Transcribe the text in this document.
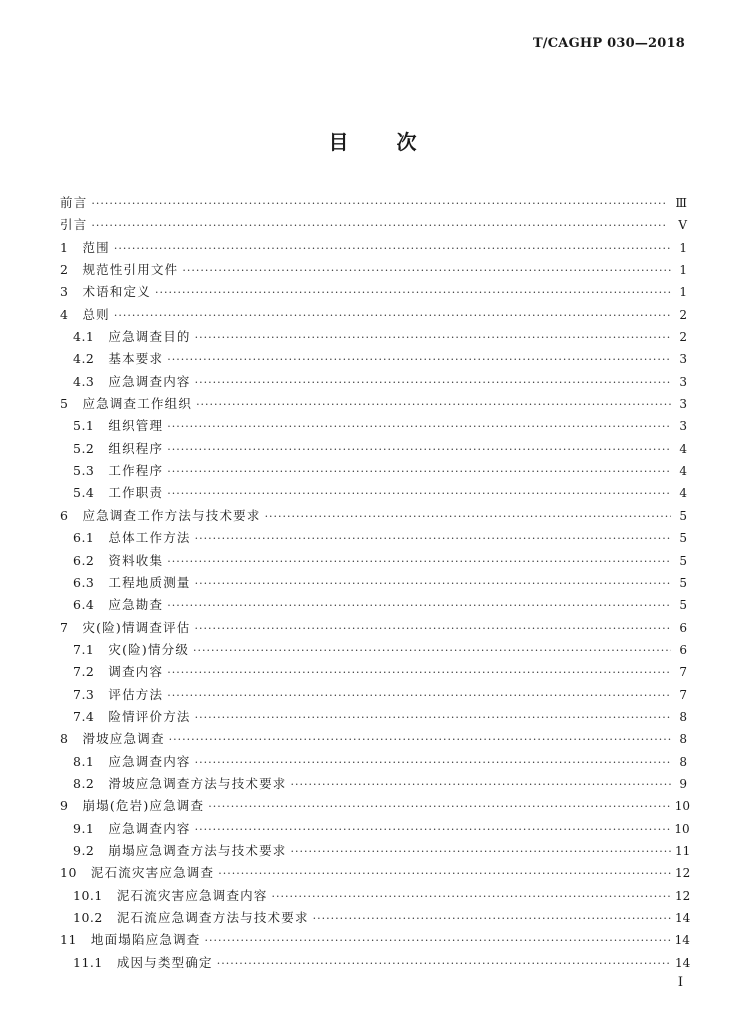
T/CAGHP 030—2018
目 次
前言 ·····	Ⅲ
引言 ·····	Ⅴ
1 范围 ·····	1
2 规范性引用文件 ·····	1
3 术语和定义 ·····	1
4 总则 ·····	2
4.1 应急调查目的 ·····	2
4.2 基本要求 ·····	3
4.3 应急调查内容 ·····	3
5 应急调查工作组织 ·····	3
5.1 组织管理 ·····	3
5.2 组织程序 ·····	4
5.3 工作程序 ·····	4
5.4 工作职责 ·····	4
6 应急调查工作方法与技术要求 ·····	5
6.1 总体工作方法 ·····	5
6.2 资料收集 ·····	5
6.3 工程地质测量 ·····	5
6.4 应急勘查 ·····	5
7 灾(险)情调查评估 ·····	6
7.1 灾(险)情分级 ·····	6
7.2 调查内容 ·····	7
7.3 评估方法 ·····	7
7.4 险情评价方法 ·····	8
8 滑坡应急调查 ·····	8
8.1 应急调查内容 ·····	8
8.2 滑坡应急调查方法与技术要求 ·····	9
9 崩塌(危岩)应急调查 ·····	10
9.1 应急调查内容 ·····	10
9.2 崩塌应急调查方法与技术要求 ·····	11
10 泥石流灾害应急调查 ·····	12
10.1 泥石流灾害应急调查内容 ·····	12
10.2 泥石流应急调查方法与技术要求 ·····	14
11 地面塌陷应急调查 ·····	14
11.1 成因与类型确定 ·····	14
I
